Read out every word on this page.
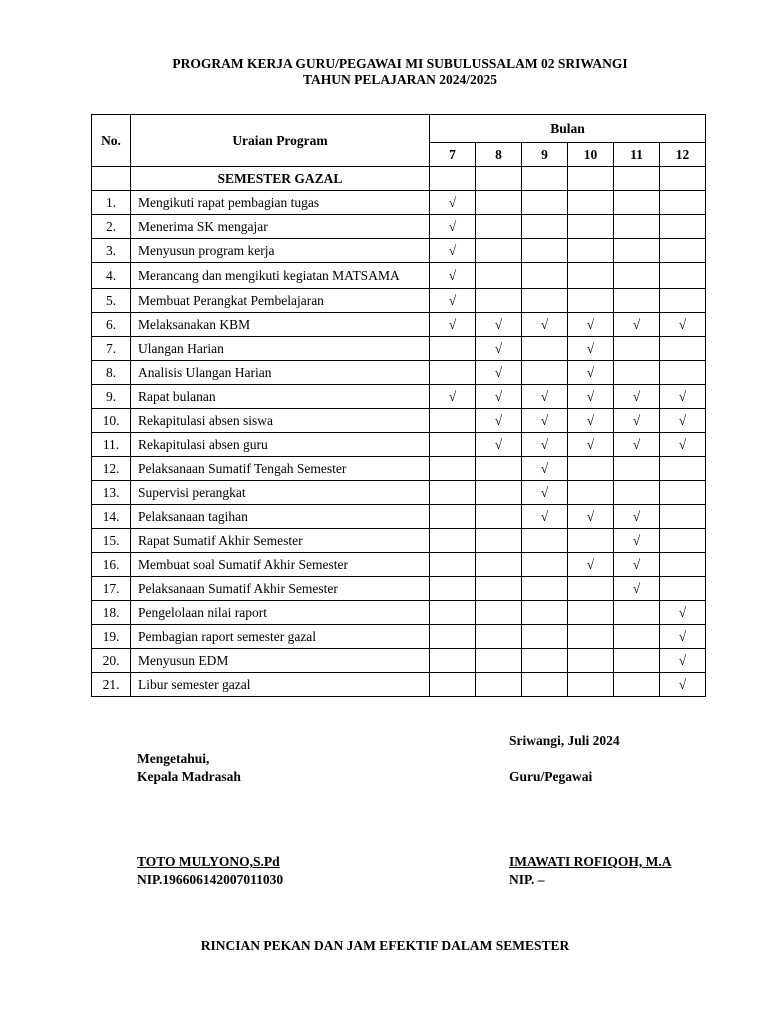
PROGRAM KERJA GURU/PEGAWAI MI SUBULUSSALAM 02 SRIWANGI
TAHUN PELAJARAN 2024/2025
No.	Uraian Program	Bulan					
		7	8	9	10	11	12
	SEMESTER GAZAL						
1.	Mengikuti rapat pembagian tugas	√					
2.	Menerima SK mengajar	√					
3.	Menyusun program kerja	√					
4.	Merancang dan mengikuti kegiatan MATSAMA	√					
5.	Membuat Perangkat Pembelajaran	√					
6.	Melaksanakan KBM	√	√	√	√	√	√
7.	Ulangan Harian		√		√		
8.	Analisis Ulangan Harian		√		√		
9.	Rapat bulanan	√	√	√	√	√	√
10.	Rekapitulasi absen siswa		√	√	√	√	√
11.	Rekapitulasi absen guru		√	√	√	√	√
12.	Pelaksanaan Sumatif Tengah Semester			√			
13.	Supervisi perangkat			√			
14.	Pelaksanaan tagihan			√	√	√	
15.	Rapat Sumatif Akhir Semester					√	
16.	Membuat soal Sumatif Akhir Semester				√	√	
17.	Pelaksanaan Sumatif Akhir Semester					√	
18.	Pengelolaan nilai raport						√
19.	Pembagian raport semester gazal						√
20.	Menyusun EDM						√
21.	Libur semester gazal						√
Sriwangi, Juli 2024
Mengetahui,
Kepala Madrasah	Guru/Pegawai
TOTO MULYONO,S.Pd
NIP.196606142007011030
IMAWATI ROFIQOH, M.A
NIP. –
RINCIAN PEKAN DAN JAM EFEKTIF DALAM SEMESTER
